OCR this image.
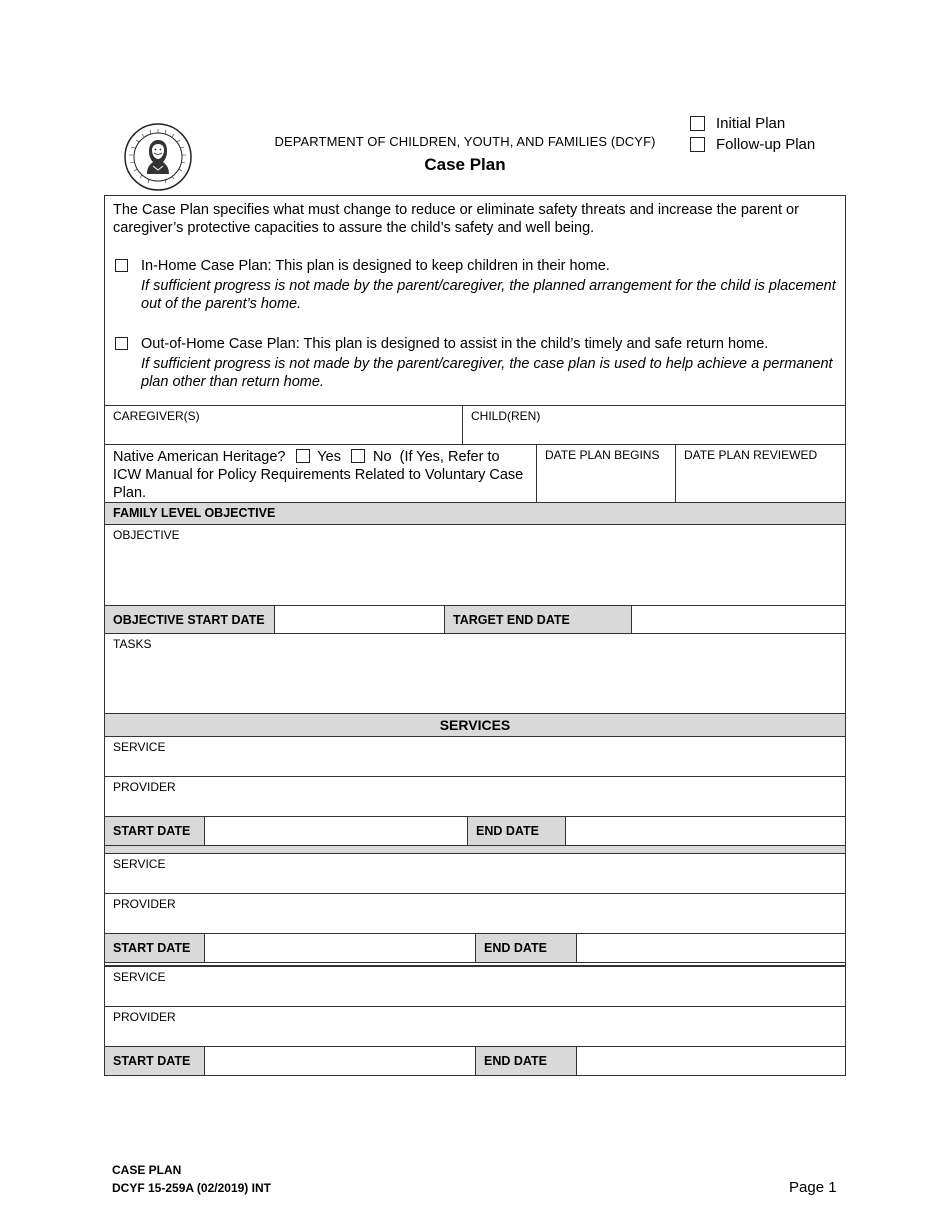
DEPARTMENT OF CHILDREN, YOUTH, AND FAMILIES (DCYF)
Case Plan
Initial Plan
Follow-up Plan
The Case Plan specifies what must change to reduce or eliminate safety threats and increase the parent or caregiver’s protective capacities to assure the child’s safety and well being.
In-Home Case Plan: This plan is designed to keep children in their home.
If sufficient progress is not made by the parent/caregiver, the planned arrangement for the child is placement out of the parent’s home.
Out-of-Home Case Plan: This plan is designed to assist in the child’s timely and safe return home.
If sufficient progress is not made by the parent/caregiver, the case plan is used to help achieve a permanent plan other than return home.
CAREGIVER(S)	CHILD(REN)
Native American Heritage? Yes No (If Yes, Refer to ICW Manual for Policy Requirements Related to Voluntary Case Plan.
DATE PLAN BEGINS	DATE PLAN REVIEWED
FAMILY LEVEL OBJECTIVE
OBJECTIVE
OBJECTIVE START DATE	TARGET END DATE
TASKS
SERVICES
SERVICE
PROVIDER
START DATE	END DATE
SERVICE
PROVIDER
START DATE	END DATE
SERVICE
PROVIDER
START DATE	END DATE
CASE PLAN
DCYF 15-259A (02/2019) INT	Page 1
